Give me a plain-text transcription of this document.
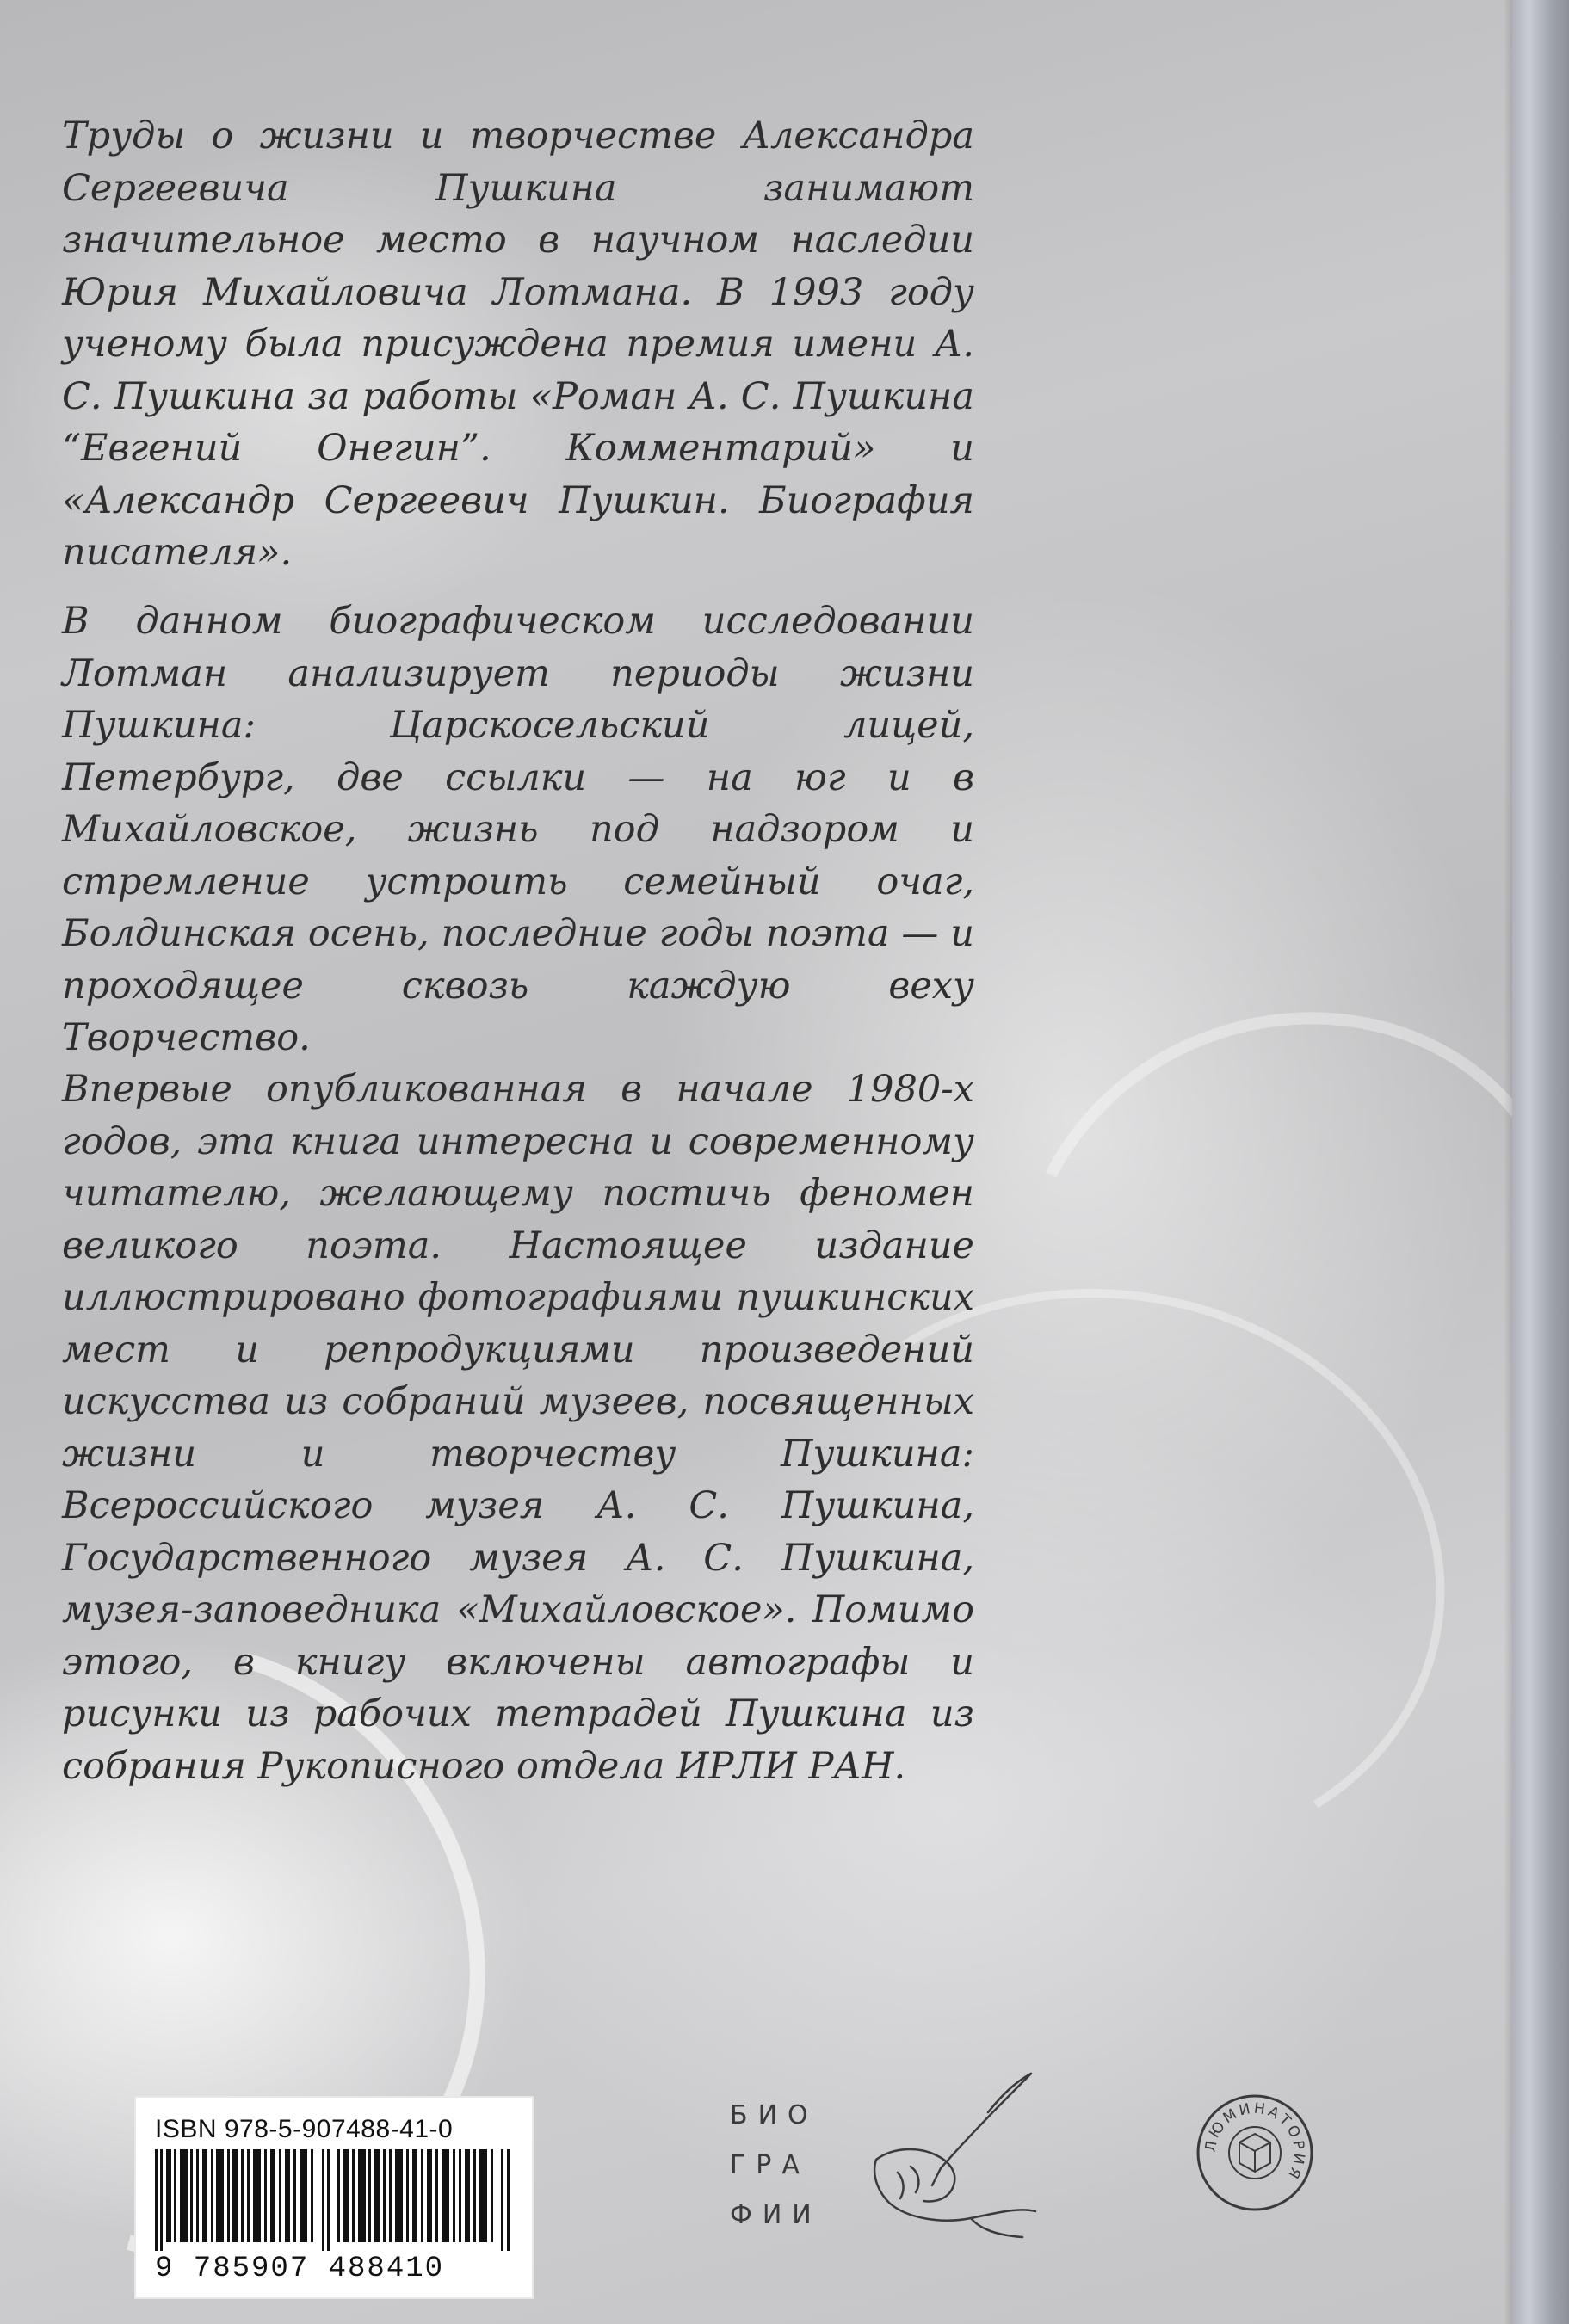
Труды о жизни и творчестве Александра Сергеевича Пушкина занимают значительное место в научном наследии Юрия Михайловича Лотмана. В 1993 году ученому была присуждена премия имени А. С. Пушкина за работы «Роман А. С. Пушкина “Евгений Онегин”. Комментарий» и «Александр Сергеевич Пушкин. Биография писателя».

В данном биографическом исследовании Лотман анализирует периоды жизни Пушкина: Царскосельский лицей, Петербург, две ссылки — на юг и в Михайловское, жизнь под надзором и стремление устроить семейный очаг, Болдинская осень, последние годы поэта — и проходящее сквозь каждую веху Творчество.

Впервые опубликованная в начале 1980-х годов, эта книга интересна и современному читателю, желающему постичь феномен великого поэта. Настоящее издание иллюстрировано фотографиями пушкинских мест и репродукциями произведений искусства из собраний музеев, посвященных жизни и творчеству Пушкина: Всероссийского музея А. С. Пушкина, Государственного музея А. С. Пушкина, музея-заповедника «Михайловское». Помимо этого, в книгу включены автографы и рисунки из рабочих тетрадей Пушкина из собрания Рукописного отдела ИРЛИ РАН.

ISBN 978-5-907488-41-0
9 785907 488410
БИО
ГРА
ФИИ
ЛЮМИНАТОРИЯ
